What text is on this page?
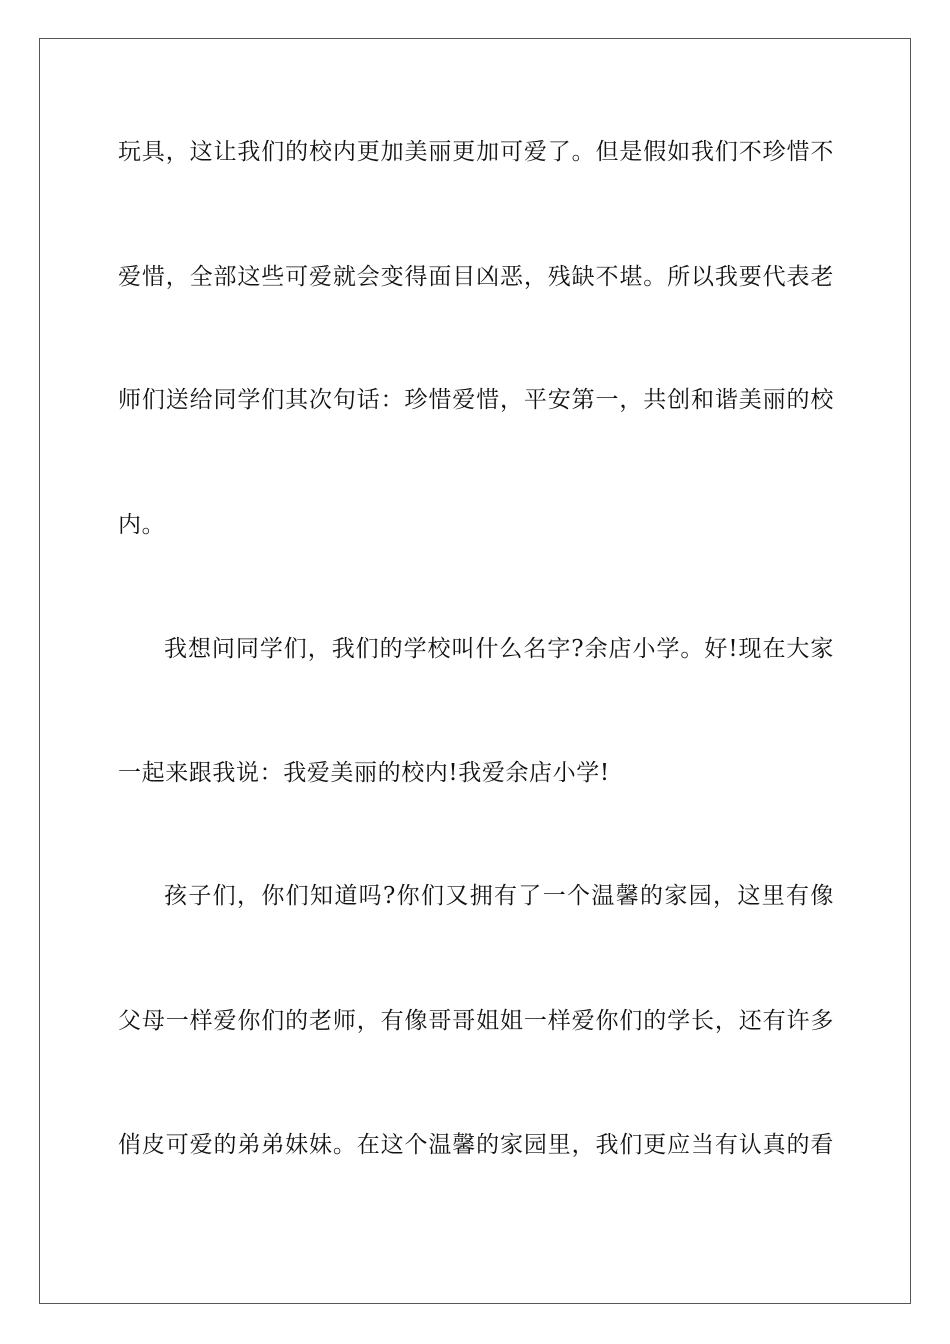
玩具，这让我们的校内更加美丽更加可爱了。但是假如我们不珍惜不
爱惜，全部这些可爱就会变得面目凶恶，残缺不堪。所以我要代表老
师们送给同学们其次句话：珍惜爱惜，平安第一，共创和谐美丽的校
内。
我想问同学们，我们的学校叫什么名字?余店小学。好!现在大家
一起来跟我说：我爱美丽的校内!我爱余店小学!
孩子们，你们知道吗?你们又拥有了一个温馨的家园，这里有像
父母一样爱你们的老师，有像哥哥姐姐一样爱你们的学长，还有许多
俏皮可爱的弟弟妹妹。在这个温馨的家园里，我们更应当有认真的看
